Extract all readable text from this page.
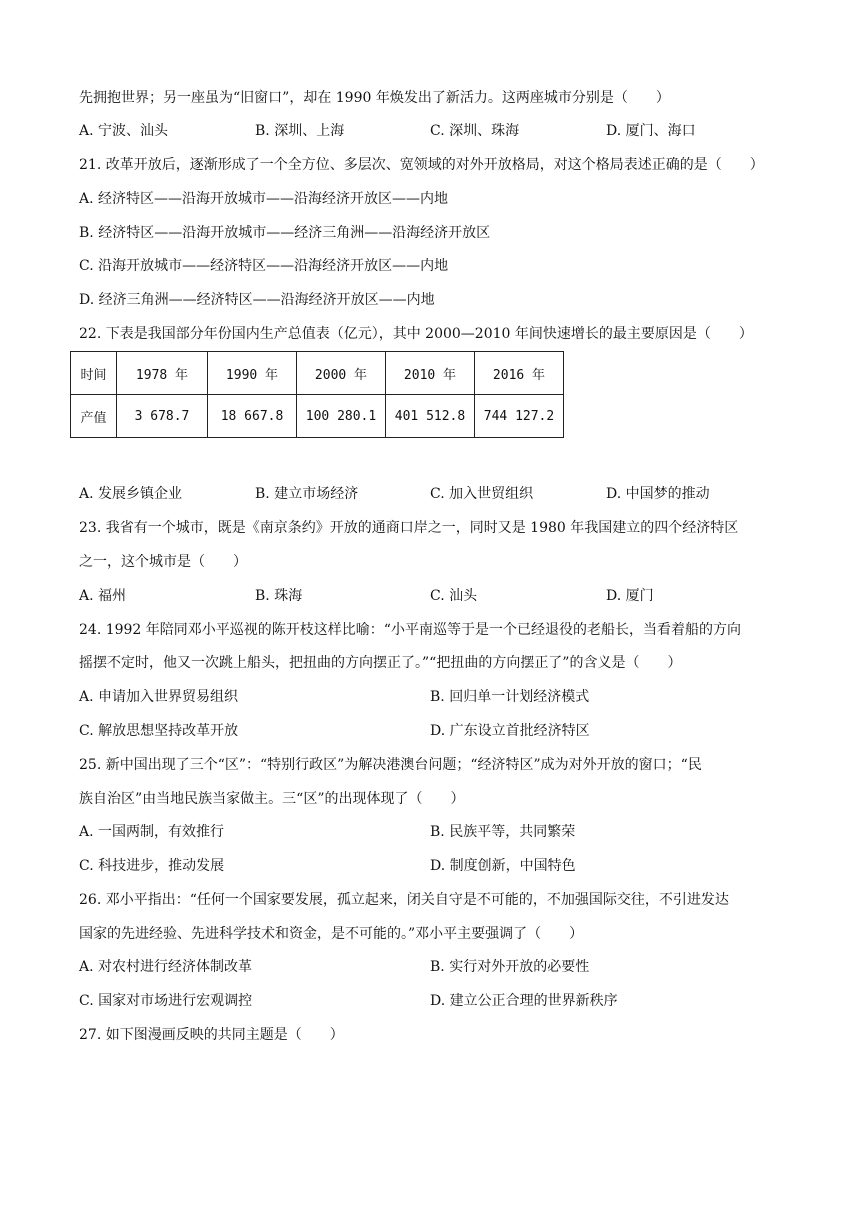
先拥抱世界；另一座虽为“旧窗口”，却在 1990 年焕发出了新活力。这两座城市分别是（　　）
A. 宁波、汕头	B. 深圳、上海	C. 深圳、珠海	D. 厦门、海口
21. 改革开放后，逐渐形成了一个全方位、多层次、宽领域的对外开放格局，对这个格局表述正确的是（　　）
A. 经济特区——沿海开放城市——沿海经济开放区——内地
B. 经济特区——沿海开放城市——经济三角洲——沿海经济开放区
C. 沿海开放城市——经济特区——沿海经济开放区——内地
D. 经济三角洲——经济特区——沿海经济开放区——内地
22. 下表是我国部分年份国内生产总值表（亿元），其中 2000—2010 年间快速增长的最主要原因是（　　）
时间	1978 年	1990 年	2000 年	2010 年	2016 年
产值	3 678.7	18 667.8	100 280.1	401 512.8	744 127.2
A. 发展乡镇企业	B. 建立市场经济	C. 加入世贸组织	D. 中国梦的推动
23. 我省有一个城市，既是《南京条约》开放的通商口岸之一，同时又是 1980 年我国建立的四个经济特区
之一，这个城市是（　　）
A. 福州	B. 珠海	C. 汕头	D. 厦门
24. 1992 年陪同邓小平巡视的陈开枝这样比喻：“小平南巡等于是一个已经退役的老船长，当看着船的方向
摇摆不定时，他又一次跳上船头，把扭曲的方向摆正了。”“把扭曲的方向摆正了”的含义是（　　）
A. 申请加入世界贸易组织	B. 回归单一计划经济模式
C. 解放思想坚持改革开放	D. 广东设立首批经济特区
25. 新中国出现了三个“区”：“特别行政区”为解决港澳台问题；“经济特区”成为对外开放的窗口；“民
族自治区”由当地民族当家做主。三“区”的出现体现了（　　）
A. 一国两制，有效推行	B. 民族平等，共同繁荣
C. 科技进步，推动发展	D. 制度创新，中国特色
26. 邓小平指出：“任何一个国家要发展，孤立起来，闭关自守是不可能的，不加强国际交往，不引进发达
国家的先进经验、先进科学技术和资金，是不可能的。”邓小平主要强调了（　　）
A. 对农村进行经济体制改革	B. 实行对外开放的必要性
C. 国家对市场进行宏观调控	D. 建立公正合理的世界新秩序
27. 如下图漫画反映的共同主题是（　　）
